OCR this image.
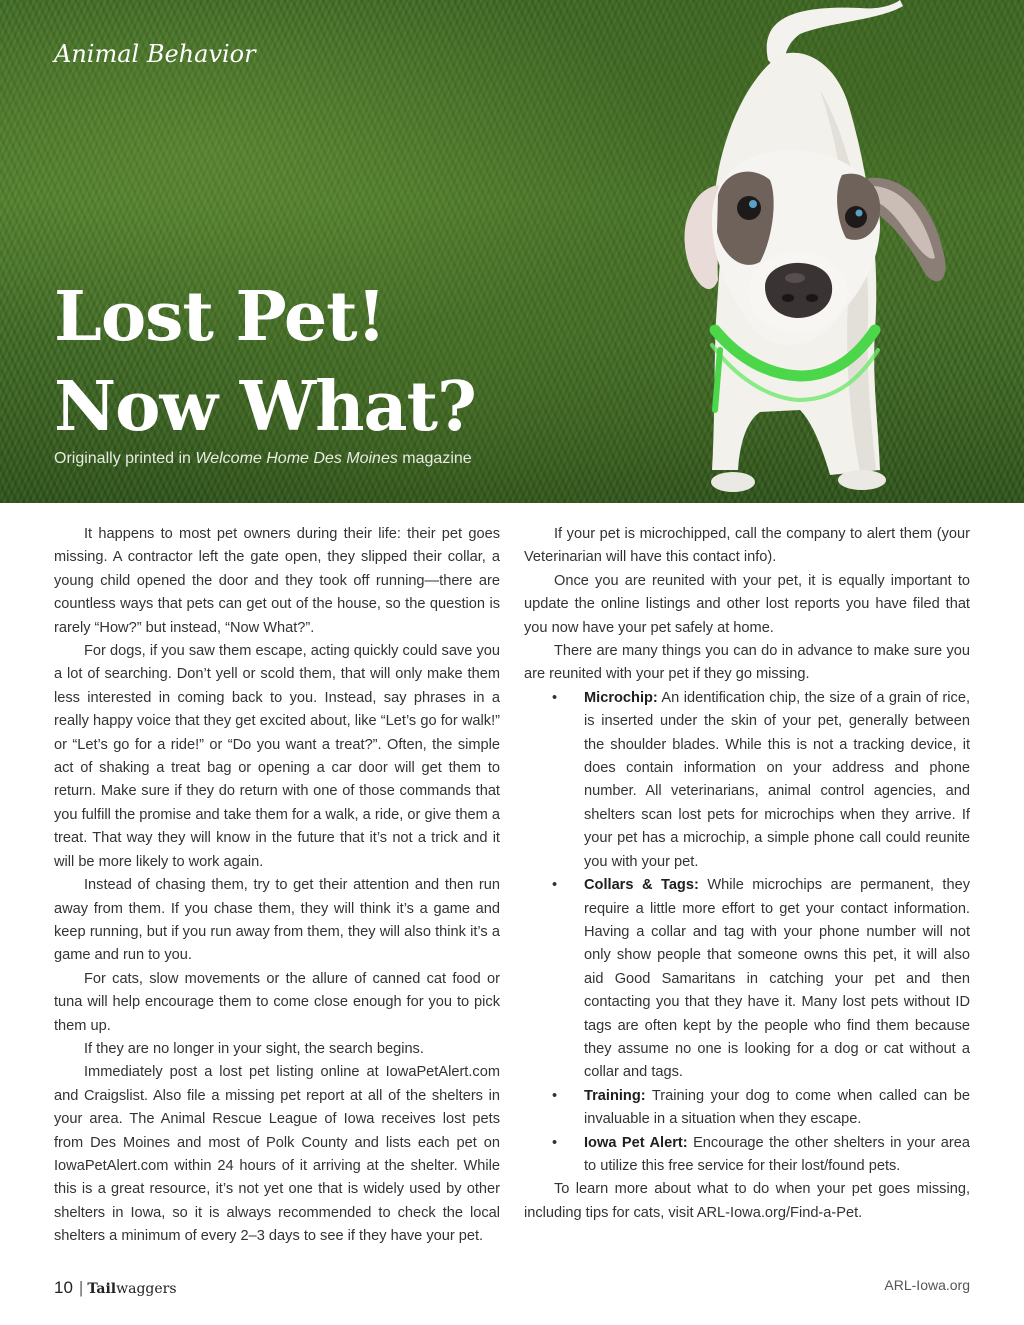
Animal Behavior
Lost Pet!
Now What?

Originally printed in Welcome Home Des Moines magazine

It happens to most pet owners during their life: their pet goes missing. A contractor left the gate open, they slipped their collar, a young child opened the door and they took off running—there are countless ways that pets can get out of the house, so the question is rarely “How?” but instead, “Now What?”.

For dogs, if you saw them escape, acting quickly could save you a lot of searching. Don’t yell or scold them, that will only make them less interested in coming back to you. Instead, say phrases in a really happy voice that they get excited about, like “Let’s go for walk!” or “Let’s go for a ride!” or “Do you want a treat?”. Often, the simple act of shaking a treat bag or opening a car door will get them to return. Make sure if they do return with one of those commands that you fulfill the promise and take them for a walk, a ride, or give them a treat. That way they will know in the future that it’s not a trick and it will be more likely to work again.

Instead of chasing them, try to get their attention and then run away from them. If you chase them, they will think it’s a game and keep running, but if you run away from them, they will also think it’s a game and run to you.

For cats, slow movements or the allure of canned cat food or tuna will help encourage them to come close enough for you to pick them up.

If they are no longer in your sight, the search begins.

Immediately post a lost pet listing online at IowaPetAlert.com and Craigslist. Also file a missing pet report at all of the shelters in your area. The Animal Rescue League of Iowa receives lost pets from Des Moines and most of Polk County and lists each pet on IowaPetAlert.com within 24 hours of it arriving at the shelter. While this is a great resource, it’s not yet one that is widely used by other shelters in Iowa, so it is always recommended to check the local shelters a minimum of every 2–3 days to see if they have your pet.

If your pet is microchipped, call the company to alert them (your Veterinarian will have this contact info).

Once you are reunited with your pet, it is equally important to update the online listings and other lost reports you have filed that you now have your pet safely at home.

There are many things you can do in advance to make sure you are reunited with your pet if they go missing.

• Microchip: An identification chip, the size of a grain of rice, is inserted under the skin of your pet, generally between the shoulder blades. While this is not a tracking device, it does contain information on your address and phone number. All veterinarians, animal control agencies, and shelters scan lost pets for microchips when they arrive. If your pet has a microchip, a simple phone call could reunite you with your pet.
• Collars & Tags: While microchips are permanent, they require a little more effort to get your contact information. Having a collar and tag with your phone number will not only show people that someone owns this pet, it will also aid Good Samaritans in catching your pet and then contacting you that they have it. Many lost pets without ID tags are often kept by the people who find them because they assume no one is looking for a dog or cat without a collar and tags.
• Training: Training your dog to come when called can be invaluable in a situation when they escape.
• Iowa Pet Alert: Encourage the other shelters in your area to utilize this free service for their lost/found pets.

To learn more about what to do when your pet goes missing, including tips for cats, visit ARL-Iowa.org/Find-a-Pet.

10 | Tailwaggers	ARL-Iowa.org
